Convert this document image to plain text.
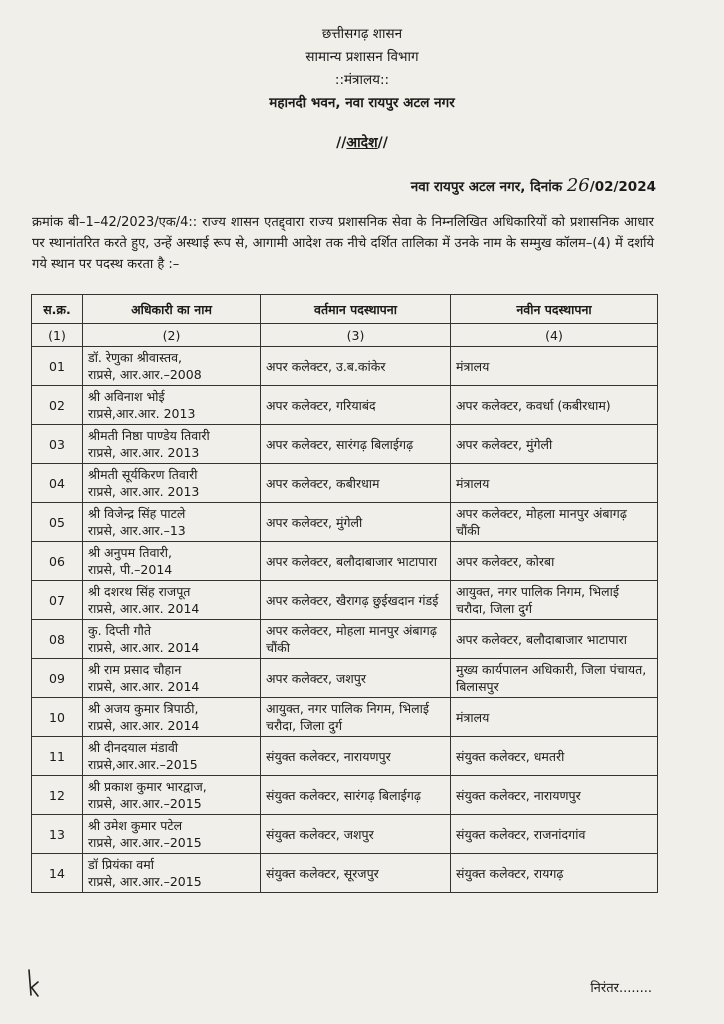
छत्तीसगढ़ शासन
सामान्य प्रशासन विभाग
::मंत्रालय::
महानदी भवन, नवा रायपुर अटल नगर
//आदेश//
नवा रायपुर अटल नगर, दिनांक 26/02/2024
क्रमांक बी–1–42/2023/एक/4:: राज्य शासन एतद्द्वारा राज्य प्रशासनिक सेवा के निम्नलिखित अधिकारियों को प्रशासनिक आधार पर स्थानांतरित करते हुए, उन्हें अस्थाई रूप से, आगामी आदेश तक नीचे दर्शित तालिका में उनके नाम के सम्मुख कॉलम–(4) में दर्शाये गये स्थान पर पदस्थ करता है :–
स.क्र.	अधिकारी का नाम	वर्तमान पदस्थापना	नवीन पदस्थापना
(1)	(2)	(3)	(4)

01	डॉ. रेणुका श्रीवास्तव,
राप्रसे, आर.आर.–2008	अपर कलेक्टर, उ.ब.कांकेर	मंत्रालय

02	श्री अविनाश भोई
राप्रसे,आर.आर. 2013	अपर कलेक्टर, गरियाबंद	अपर कलेक्टर, कवर्धा (कबीरधाम)

03	श्रीमती निष्ठा पाण्डेय तिवारी
राप्रसे, आर.आर. 2013	अपर कलेक्टर, सारंगढ़ बिलाईगढ़	अपर कलेक्टर, मुंगेली

04	श्रीमती सूर्यकिरण तिवारी
राप्रसे, आर.आर. 2013	अपर कलेक्टर, कबीरधाम	मंत्रालय

05	श्री विजेन्द्र सिंह पाटले
राप्रसे, आर.आर.–13	अपर कलेक्टर, मुंगेली	अपर कलेक्टर, मोहला मानपुर अंबागढ़ चौंकी

06	श्री अनुपम तिवारी,
राप्रसे, पी.–2014	अपर कलेक्टर, बलौदाबाजार भाटापारा	अपर कलेक्टर, कोरबा

07	श्री दशरथ सिंह राजपूत
राप्रसे, आर.आर. 2014	अपर कलेक्टर, खैरागढ़ छुईखदान गंडई	आयुक्त, नगर पालिक निगम, भिलाई चरौदा, जिला दुर्ग

08	कु. दिप्ती गौते
राप्रसे, आर.आर. 2014	अपर कलेक्टर, मोहला मानपुर अंबागढ़ चौंकी	अपर कलेक्टर, बलौदाबाजार भाटापारा

09	श्री राम प्रसाद चौहान
राप्रसे, आर.आर. 2014	अपर कलेक्टर, जशपुर	मुख्य कार्यपालन अधिकारी, जिला पंचायत, बिलासपुर

10	श्री अजय कुमार त्रिपाठी,
राप्रसे, आर.आर. 2014	आयुक्त, नगर पालिक निगम, भिलाई चरौदा, जिला दुर्ग	मंत्रालय

11	श्री दीनदयाल मंडावी
राप्रसे,आर.आर.–2015	संयुक्त कलेक्टर, नारायणपुर	संयुक्त कलेक्टर, धमतरी

12	श्री प्रकाश कुमार भारद्वाज,
राप्रसे, आर.आर.–2015	संयुक्त कलेक्टर, सारंगढ़ बिलाईगढ़	संयुक्त कलेक्टर, नारायणपुर

13	श्री उमेश कुमार पटेल
राप्रसे, आर.आर.–2015	संयुक्त कलेक्टर, जशपुर	संयुक्त कलेक्टर, राजनांदगांव

14	डॉ प्रियंका वर्मा
राप्रसे, आर.आर.–2015	संयुक्त कलेक्टर, सूरजपुर	संयुक्त कलेक्टर, रायगढ़
निरंतर........
